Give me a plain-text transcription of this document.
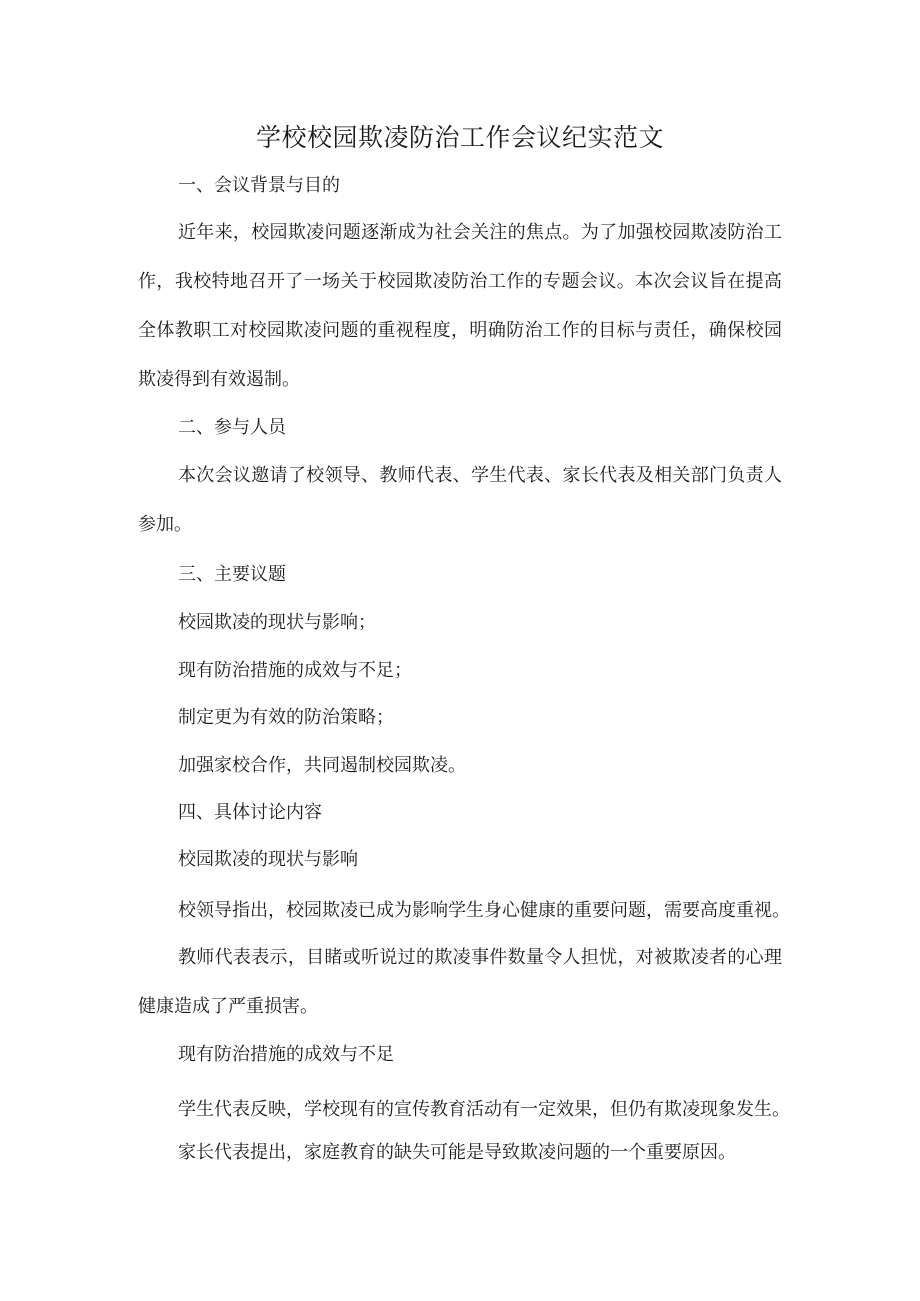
学校校园欺凌防治工作会议纪实范文

一、会议背景与目的

近年来，校园欺凌问题逐渐成为社会关注的焦点。为了加强校园欺凌防治工

作，我校特地召开了一场关于校园欺凌防治工作的专题会议。本次会议旨在提高

全体教职工对校园欺凌问题的重视程度，明确防治工作的目标与责任，确保校园

欺凌得到有效遏制。

二、参与人员

本次会议邀请了校领导、教师代表、学生代表、家长代表及相关部门负责人

参加。

三、主要议题

校园欺凌的现状与影响；

现有防治措施的成效与不足；

制定更为有效的防治策略；

加强家校合作，共同遏制校园欺凌。

四、具体讨论内容

校园欺凌的现状与影响

校领导指出，校园欺凌已成为影响学生身心健康的重要问题，需要高度重视。

教师代表表示，目睹或听说过的欺凌事件数量令人担忧，对被欺凌者的心理

健康造成了严重损害。

现有防治措施的成效与不足

学生代表反映，学校现有的宣传教育活动有一定效果，但仍有欺凌现象发生。

家长代表提出，家庭教育的缺失可能是导致欺凌问题的一个重要原因。
